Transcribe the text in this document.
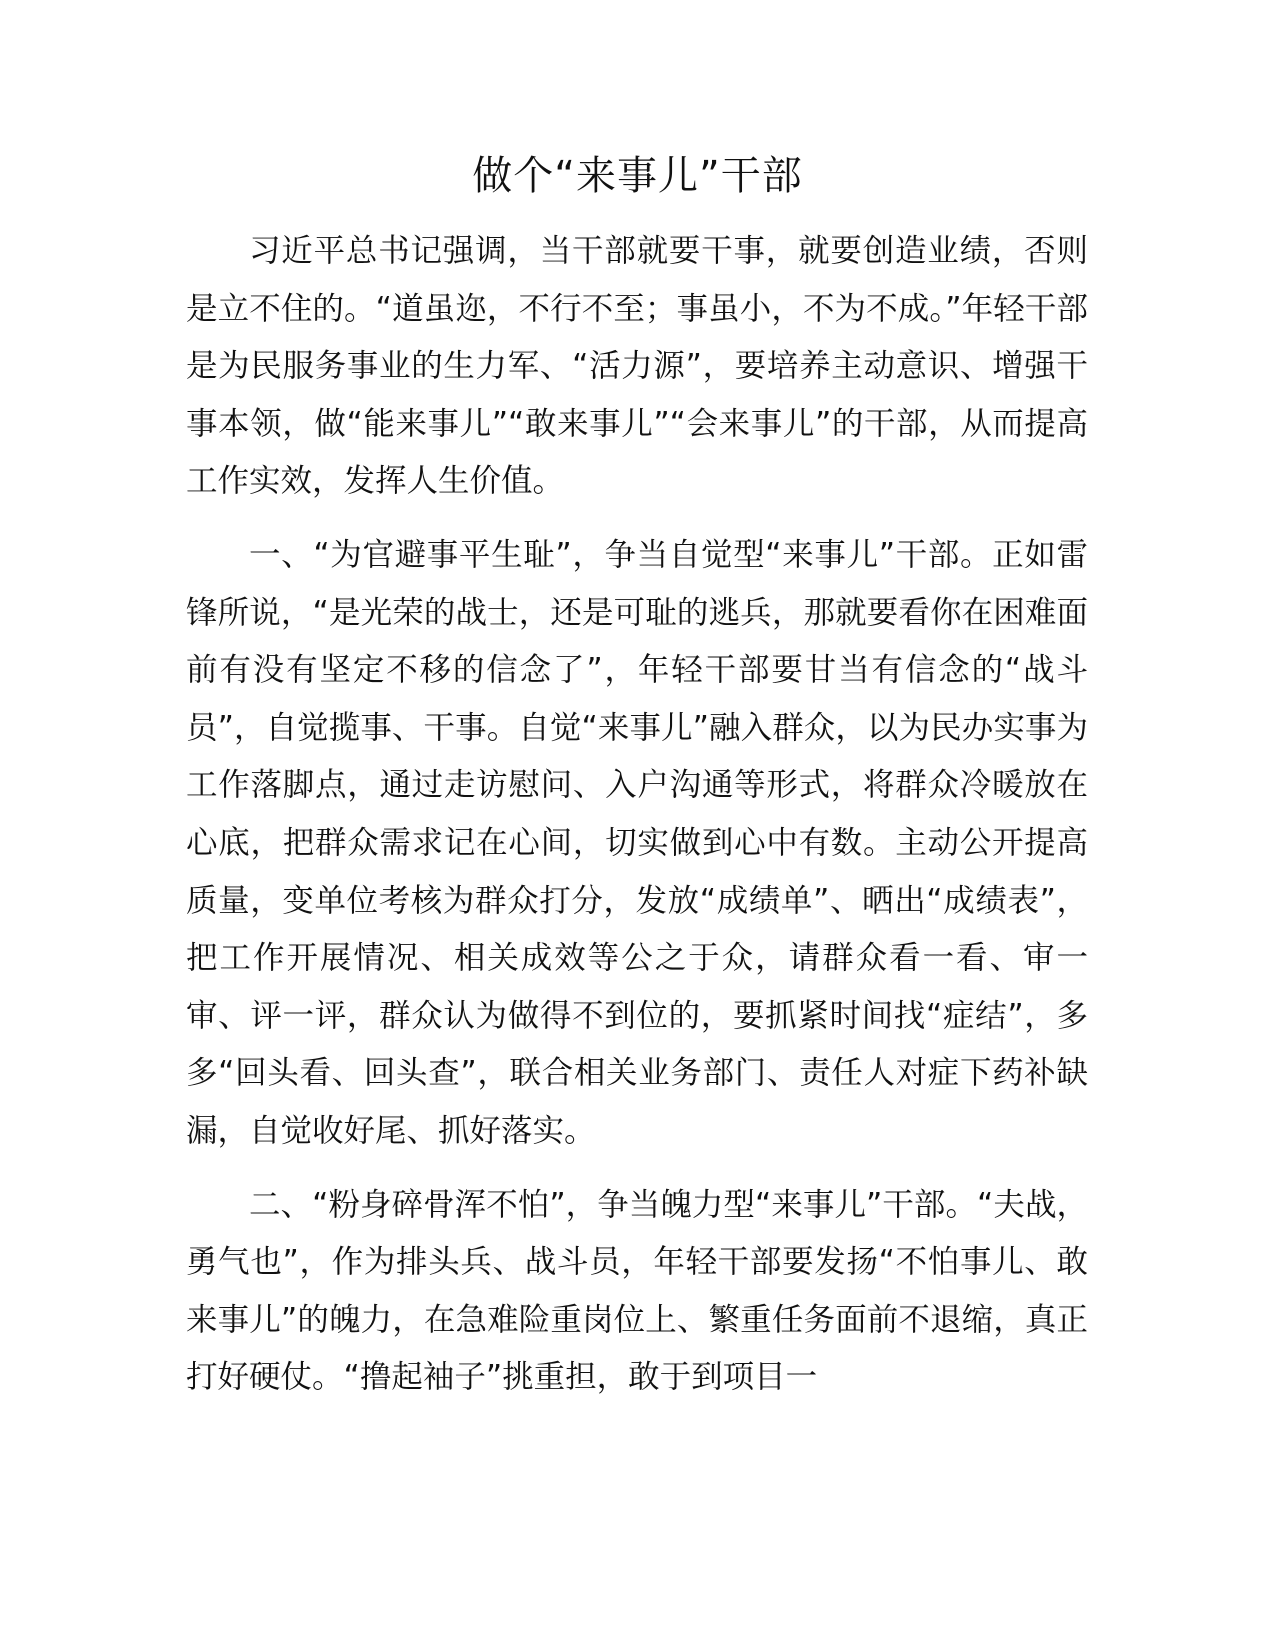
做个“来事儿”干部

习近平总书记强调，当干部就要干事，就要创造业绩，否则是立不住的。“道虽迩，不行不至；事虽小，不为不成。”年轻干部是为民服务事业的生力军、“活力源”，要培养主动意识、增强干事本领，做“能来事儿”“敢来事儿”“会来事儿”的干部，从而提高工作实效，发挥人生价值。

一、“为官避事平生耻”，争当自觉型“来事儿”干部。正如雷锋所说，“是光荣的战士，还是可耻的逃兵，那就要看你在困难面前有没有坚定不移的信念了”，年轻干部要甘当有信念的“战斗员”，自觉揽事、干事。自觉“来事儿”融入群众，以为民办实事为工作落脚点，通过走访慰问、入户沟通等形式，将群众冷暖放在心底，把群众需求记在心间，切实做到心中有数。主动公开提高质量，变单位考核为群众打分，发放“成绩单”、晒出“成绩表”，把工作开展情况、相关成效等公之于众，请群众看一看、审一审、评一评，群众认为做得不到位的，要抓紧时间找“症结”，多多“回头看、回头查”，联合相关业务部门、责任人对症下药补缺漏，自觉收好尾、抓好落实。

二、“粉身碎骨浑不怕”，争当魄力型“来事儿”干部。“夫战，勇气也”，作为排头兵、战斗员，年轻干部要发扬“不怕事儿、敢来事儿”的魄力，在急难险重岗位上、繁重任务面前不退缩，真正打好硬仗。“撸起袖子”挑重担，敢于到项目一
